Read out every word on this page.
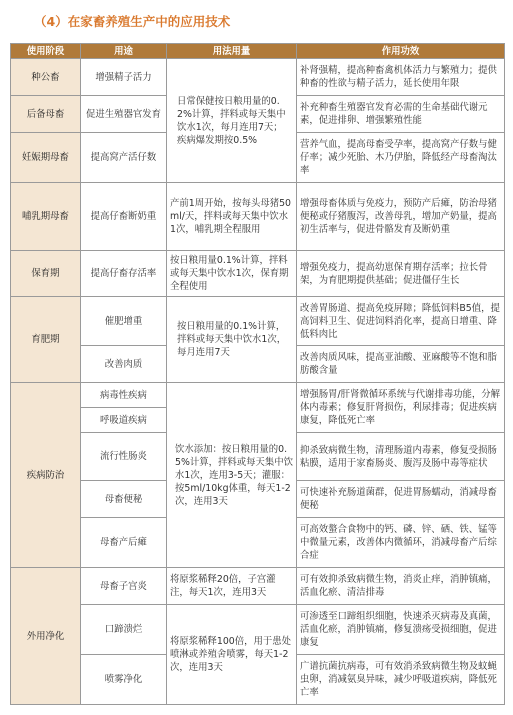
（4）在家畜养殖生产中的应用技术
使用阶段	用途	用法用量	作用功效
种公畜	增强精子活力	日常保健按日粮用量的0.2%计算，拌料或每天集中饮水1次，每月连用7天；疾病爆发期按0.5%	补肾强精，提高种畜禽机体活力与繁殖力；提供种畜的性欲与精子活力，延长使用年限
后备母畜	促进生殖器官发育		补充种畜生殖器官发育必需的生命基础代谢元素，促进排卵、增强繁殖性能
妊娠期母畜	提高窝产活仔数		营养气血，提高母畜受孕率，提高窝产仔数与健仔率；减少死胎、木乃伊胎，降低经产母畜淘汰率
哺乳期母畜	提高仔畜断奶重	产前1周开始，按每头母猪50ml/天，拌料或每天集中饮水1次，哺乳期全程服用	增强母畜体质与免疫力，预防产后瘫，防治母猪便秘或仔猪腹泻，改善母乳，增加产奶量，提高初生活率与，促进骨骼发育及断奶重
保育期	提高仔畜存活率	按日粮用量0.1%计算，拌料或每天集中饮水1次，保育期全程使用	增强免疫力，提高幼崽保育期存活率；拉长骨架，为育肥期提供基础；促进僵仔生长
育肥期	催肥增重	按日粮用量的0.1%计算，拌料或每天集中饮水1次，每月连用7天	改善胃肠道、提高免疫屏障；降低饲料B5值，提高饲料卫生、促进饲料消化率，提高日增重、降低料肉比
	改善肉质		改善肉质风味，提高亚油酸、亚麻酸等不饱和脂肪酸含量
疾病防治	病毒性疾病	饮水添加：按日粮用量的0.5%计算，拌料或每天集中饮水1次，连用3-5天；灌服：按5ml/10kg体重，每天1-2次，连用3天	增强肠胃/肝肾微循环系统与代谢排毒功能，分解体内毒素；修复肝肾损伤，利尿排毒；促进疾病康复，降低死亡率
	呼吸道疾病		
	流行性肠炎		抑杀致病微生物，清理肠道内毒素，修复受损肠粘膜，适用于家畜肠炎、腹泻及肠中毒等症状
	母畜便秘		可快速补充肠道菌群，促进胃肠蠕动，消减母畜便秘
	母畜产后瘫		可高效螯合食物中的钙、磷、锌、硒、铁、锰等中微量元素，改善体内微循环，消减母畜产后综合症
外用净化	母畜子宫炎	将原浆稀释20倍，子宫灌注，每天1次，连用3天	可有效抑杀致病微生物，消炎止痒，消肿镇痛，活血化瘀、清洁排毒
	口蹄溃烂	将原浆稀释100倍，用于患处喷淋或养殖舍喷雾，每天1-2次，连用3天	可渗透至口蹄组织细胞，快速杀灭病毒及真菌，活血化瘀，消肿镇痛，修复溃疡受损细胞，促进康复
	喷雾净化		广谱抗菌抗病毒，可有效消杀致病微生物及蚊蝇虫卵，消减氨臭异味，减少呼吸道疾病，降低死亡率
